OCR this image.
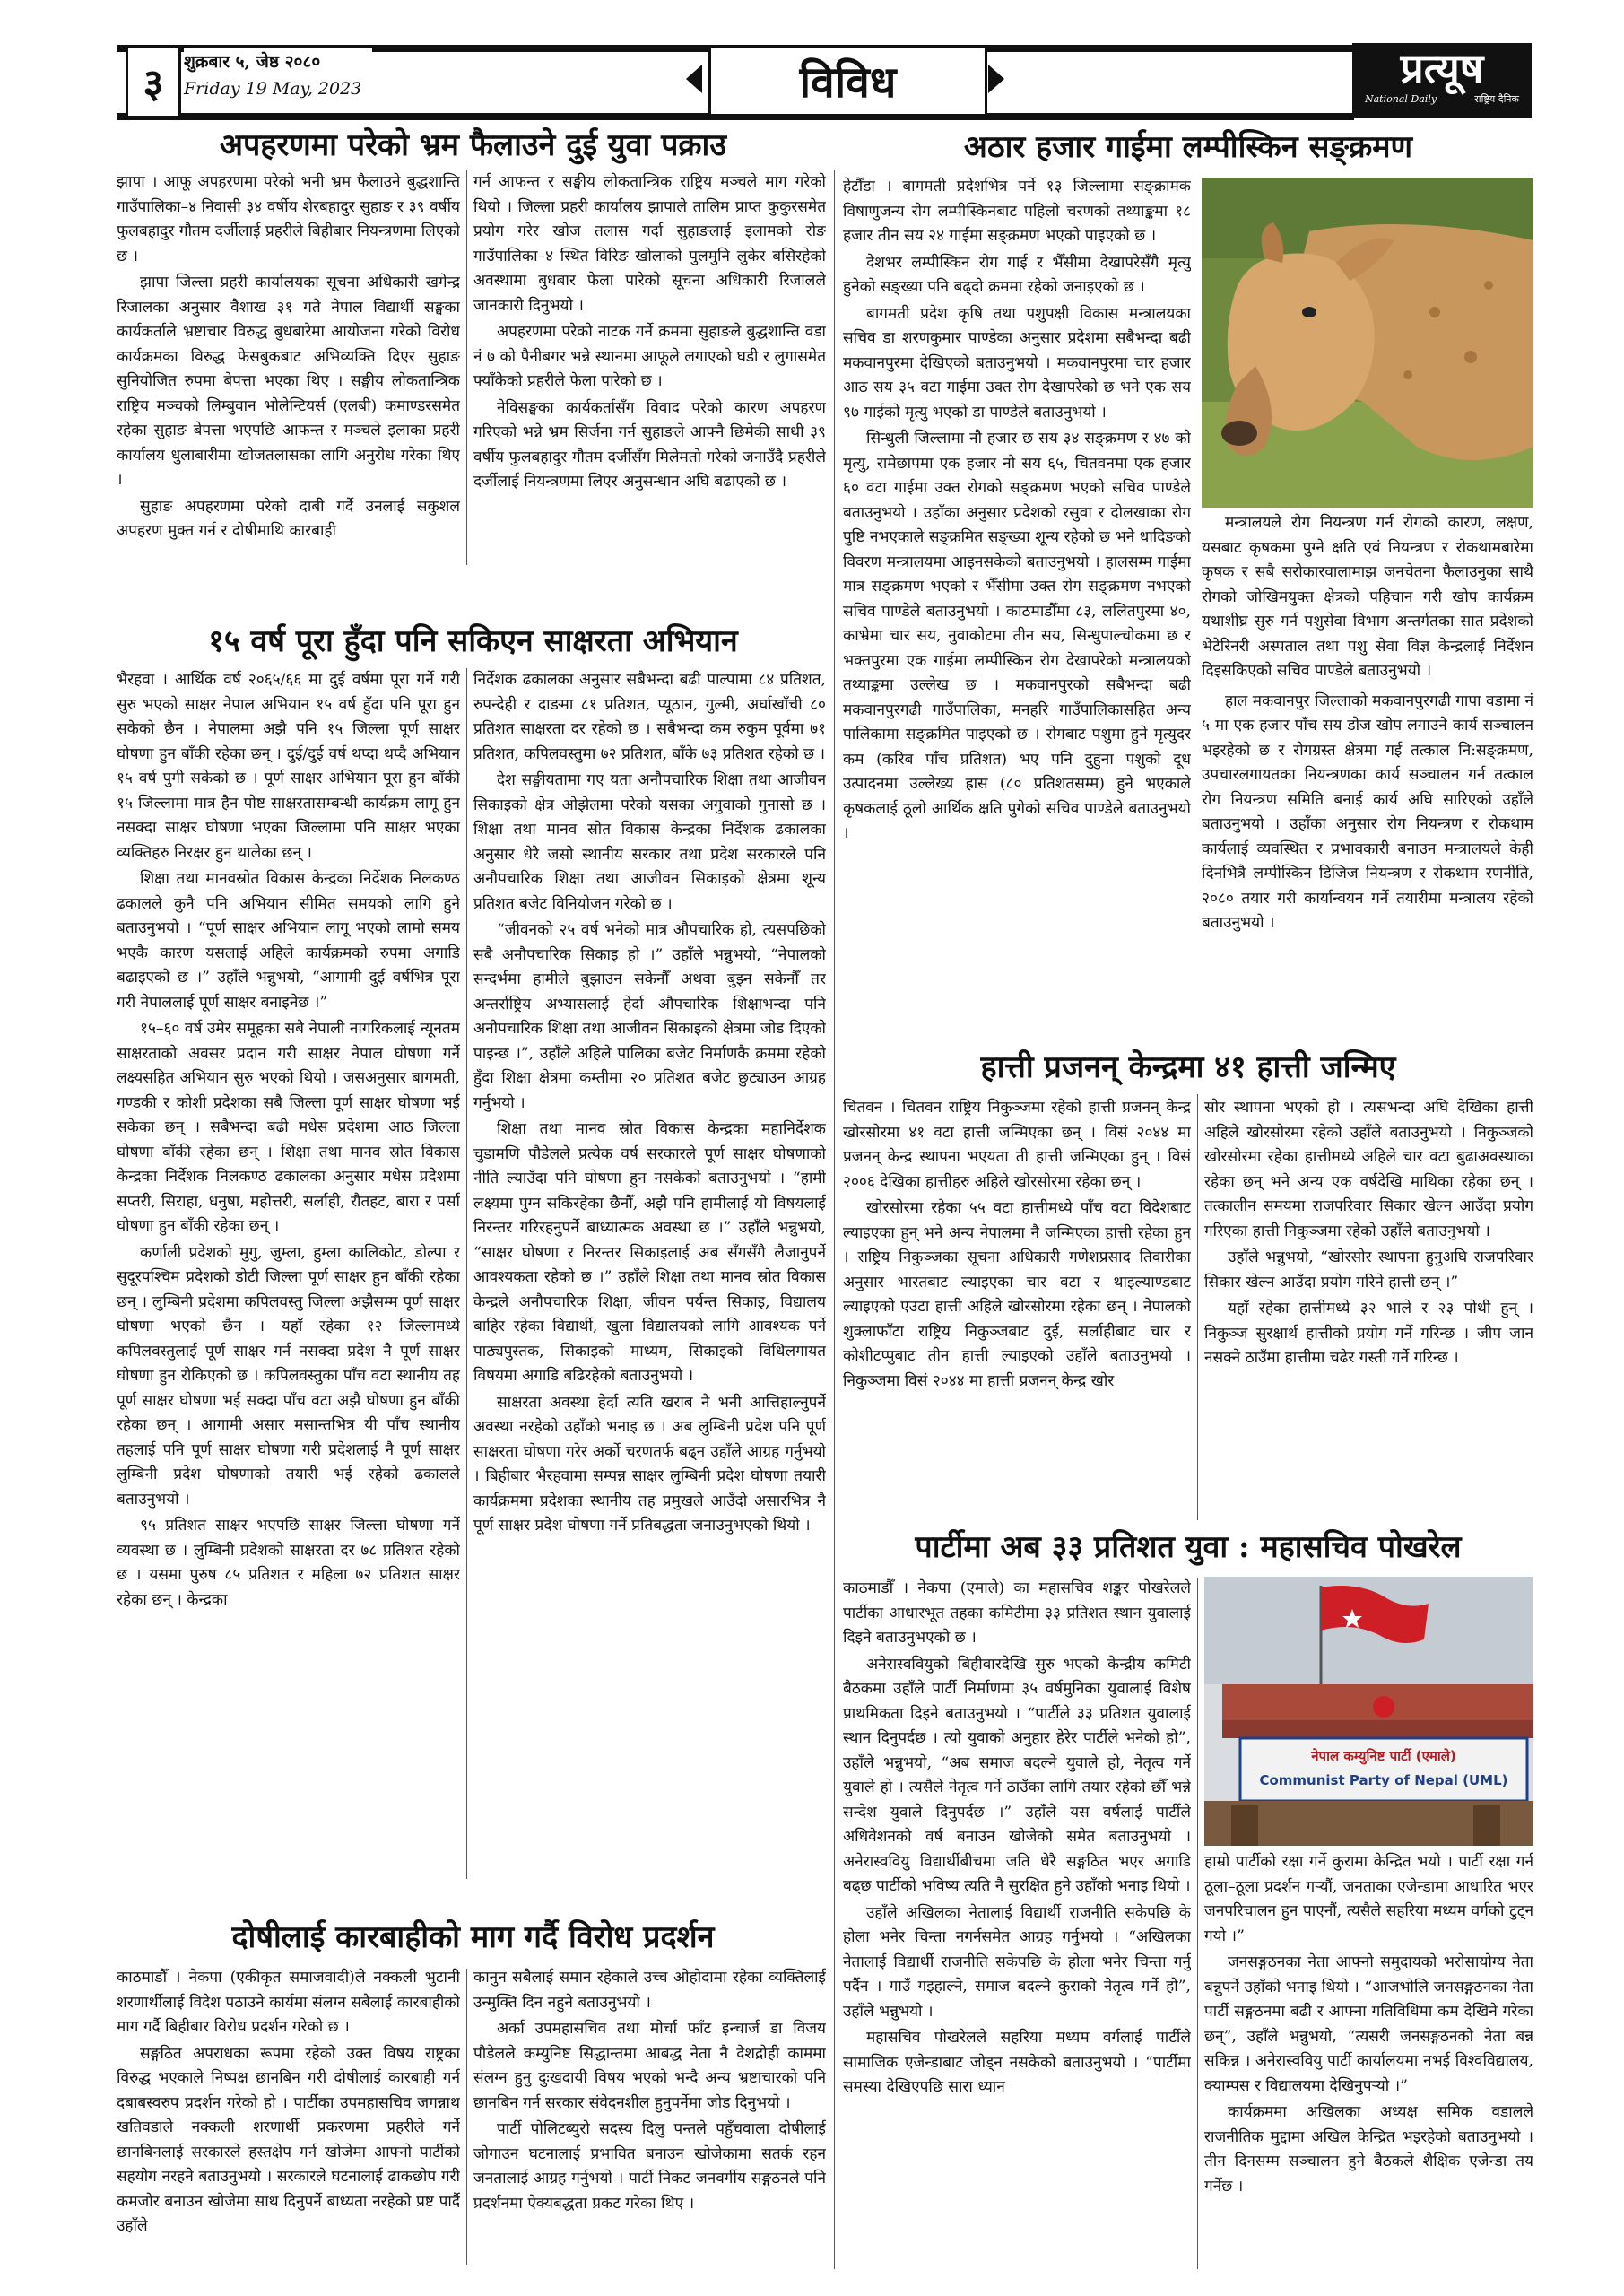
३	शुक्रबार ५, जेष्ठ २०८०
Friday 19 May, 2023	विविध	प्रत्यूष
National Daily	राष्ट्रिय दैनिक
अपहरणमा परेको भ्रम फैलाउने दुई युवा पक्राउ

झापा । आफू अपहरणमा परेको भनी भ्रम फैलाउने बुद्धशान्ति गाउँपालिका–४ निवासी ३४ वर्षीय शेरबहादुर सुहाङ र ३९ वर्षीय फुलबहादुर गौतम दर्जीलाई प्रहरीले बिहीबार नियन्त्रणमा लिएको छ ।

झापा जिल्ला प्रहरी कार्यालयका सूचना अधिकारी खगेन्द्र रिजालका अनुसार वैशाख ३१ गते नेपाल विद्यार्थी सङ्घका कार्यकर्ताले भ्रष्टाचार विरुद्ध बुधबारेमा आयोजना गरेको विरोध कार्यक्रमका विरुद्ध फेसबुकबाट अभिव्यक्ति दिएर सुहाङ सुनियोजित रुपमा बेपत्ता भएका थिए । सङ्घीय लोकतान्त्रिक राष्ट्रिय मञ्चको लिम्बुवान भोलेन्टियर्स (एलबी) कमाण्डरसमेत रहेका सुहाङ बेपत्ता भएपछि आफन्त र मञ्चले इलाका प्रहरी कार्यालय धुलाबारीमा खोजतलासका लागि अनुरोध गरेका थिए ।

सुहाङ अपहरणमा परेको दाबी गर्दै उनलाई सकुशल अपहरण मुक्त गर्न र दोषीमाथि कारबाही

गर्न आफन्त र सङ्घीय लोकतान्त्रिक राष्ट्रिय मञ्चले माग गरेको थियो । जिल्ला प्रहरी कार्यालय झापाले तालिम प्राप्त कुकुरसमेत प्रयोग गरेर खोज तलास गर्दा सुहाङलाई इलामको रोङ गाउँपालिका–४ स्थित विरिङ खोलाको पुलमुनि लुकेर बसिरहेको अवस्थामा बुधबार फेला पारेको सूचना अधिकारी रिजालले जानकारी दिनुभयो ।

अपहरणमा परेको नाटक गर्ने क्रममा सुहाङले बुद्धशान्ति वडा नं ७ को पैनीबगर भन्ने स्थानमा आफूले लगाएको घडी र लुगासमेत फ्याँकेको प्रहरीले फेला पारेको छ ।

नेविसङ्घका कार्यकर्तासँग विवाद परेको कारण अपहरण गरिएको भन्ने भ्रम सिर्जना गर्न सुहाङले आफ्नै छिमेकी साथी ३९ वर्षीय फुलबहादुर गौतम दर्जीसँग मिलेमतो गरेको जनाउँदै प्रहरीले दर्जीलाई नियन्त्रणमा लिएर अनुसन्धान अघि बढाएको छ ।

१५ वर्ष पूरा हुँदा पनि सकिएन साक्षरता अभियान

भैरहवा । आर्थिक वर्ष २०६५/६६ मा दुई वर्षमा पूरा गर्ने गरी सुरु भएको साक्षर नेपाल अभियान १५ वर्ष हुँदा पनि पूरा हुन सकेको छैन । नेपालमा अझै पनि १५ जिल्ला पूर्ण साक्षर घोषणा हुन बाँकी रहेका छन् । दुई/दुई वर्ष थप्दा थप्दै अभियान १५ वर्ष पुगी सकेको छ । पूर्ण साक्षर अभियान पूरा हुन बाँकी १५ जिल्लामा मात्र हैन पोष्ट साक्षरतासम्बन्धी कार्यक्रम लागू हुन नसक्दा साक्षर घोषणा भएका जिल्लामा पनि साक्षर भएका व्यक्तिहरु निरक्षर हुन थालेका छन् ।

शिक्षा तथा मानवस्रोत विकास केन्द्रका निर्देशक निलकण्ठ ढकालले कुनै पनि अभियान सीमित समयको लागि हुने बताउनुभयो । “पूर्ण साक्षर अभियान लागू भएको लामो समय भएकै कारण यसलाई अहिले कार्यक्रमको रुपमा अगाडि बढाइएको छ ।” उहाँले भन्नुभयो, “आगामी दुई वर्षभित्र पूरा गरी नेपाललाई पूर्ण साक्षर बनाइनेछ ।”

१५–६० वर्ष उमेर समूहका सबै नेपाली नागरिकलाई न्यूनतम साक्षरताको अवसर प्रदान गरी साक्षर नेपाल घोषणा गर्ने लक्ष्यसहित अभियान सुरु भएको थियो । जसअनुसार बागमती, गण्डकी र कोशी प्रदेशका सबै जिल्ला पूर्ण साक्षर घोषणा भई सकेका छन् । सबैभन्दा बढी मधेस प्रदेशमा आठ जिल्ला घोषणा बाँकी रहेका छन् । शिक्षा तथा मानव स्रोत विकास केन्द्रका निर्देशक निलकण्ठ ढकालका अनुसार मधेस प्रदेशमा सप्तरी, सिराहा, धनुषा, महोत्तरी, सर्लाही, रौतहट, बारा र पर्सा घोषणा हुन बाँकी रहेका छन् ।

कर्णाली प्रदेशको मुगु, जुम्ला, हुम्ला कालिकोट, डोल्पा र सुदूरपश्चिम प्रदेशको डोटी जिल्ला पूर्ण साक्षर हुन बाँकी रहेका छन् । लुम्बिनी प्रदेशमा कपिलवस्तु जिल्ला अझैसम्म पूर्ण साक्षर घोषणा भएको छैन । यहाँ रहेका १२ जिल्लामध्ये कपिलवस्तुलाई पूर्ण साक्षर गर्न नसक्दा प्रदेश नै पूर्ण साक्षर घोषणा हुन रोकिएको छ । कपिलवस्तुका पाँच वटा स्थानीय तह पूर्ण साक्षर घोषणा भई सक्दा पाँच वटा अझै घोषणा हुन बाँकी रहेका छन् । आगामी असार मसान्तभित्र यी पाँच स्थानीय तहलाई पनि पूर्ण साक्षर घोषणा गरी प्रदेशलाई नै पूर्ण साक्षर लुम्बिनी प्रदेश घोषणाको तयारी भई रहेको ढकालले बताउनुभयो ।

९५ प्रतिशत साक्षर भएपछि साक्षर जिल्ला घोषणा गर्ने व्यवस्था छ । लुम्बिनी प्रदेशको साक्षरता दर ७८ प्रतिशत रहेको छ । यसमा पुरुष ८५ प्रतिशत र महिला ७२ प्रतिशत साक्षर रहेका छन् । केन्द्रका

निर्देशक ढकालका अनुसार सबैभन्दा बढी पाल्पामा ८४ प्रतिशत, रुपन्देही र दाङमा ८१ प्रतिशत, प्यूठान, गुल्मी, अर्घाखाँची ८० प्रतिशत साक्षरता दर रहेको छ । सबैभन्दा कम रुकुम पूर्वमा ७१ प्रतिशत, कपिलवस्तुमा ७२ प्रतिशत, बाँके ७३ प्रतिशत रहेको छ ।

देश सङ्घीयतामा गए यता अनौपचारिक शिक्षा तथा आजीवन सिकाइको क्षेत्र ओझेलमा परेको यसका अगुवाको गुनासो छ । शिक्षा तथा मानव स्रोत विकास केन्द्रका निर्देशक ढकालका अनुसार धेरै जसो स्थानीय सरकार तथा प्रदेश सरकारले पनि अनौपचारिक शिक्षा तथा आजीवन सिकाइको क्षेत्रमा शून्य प्रतिशत बजेट विनियोजन गरेको छ ।

“जीवनको २५ वर्ष भनेको मात्र औपचारिक हो, त्यसपछिको सबै अनौपचारिक सिकाइ हो ।” उहाँले भन्नुभयो, “नेपालको सन्दर्भमा हामीले बुझाउन सकेनौँ अथवा बुझ्न सकेनौँ तर अन्तर्राष्ट्रिय अभ्यासलाई हेर्दा औपचारिक शिक्षाभन्दा पनि अनौपचारिक शिक्षा तथा आजीवन सिकाइको क्षेत्रमा जोड दिएको पाइन्छ ।”, उहाँले अहिले पालिका बजेट निर्माणकै क्रममा रहेको हुँदा शिक्षा क्षेत्रमा कम्तीमा २० प्रतिशत बजेट छुट्याउन आग्रह गर्नुभयो ।

शिक्षा तथा मानव स्रोत विकास केन्द्रका महानिर्देशक चुडामणि पौडेलले प्रत्येक वर्ष सरकारले पूर्ण साक्षर घोषणाको नीति ल्याउँदा पनि घोषणा हुन नसकेको बताउनुभयो । “हामी लक्ष्यमा पुग्न सकिरहेका छैनौँ, अझै पनि हामीलाई यो विषयलाई निरन्तर गरिरहनुपर्ने बाध्यात्मक अवस्था छ ।” उहाँले भन्नुभयो, “साक्षर घोषणा र निरन्तर सिकाइलाई अब सँगसँगै लैजानुपर्ने आवश्यकता रहेको छ ।” उहाँले शिक्षा तथा मानव स्रोत विकास केन्द्रले अनौपचारिक शिक्षा, जीवन पर्यन्त सिकाइ, विद्यालय बाहिर रहेका विद्यार्थी, खुला विद्यालयको लागि आवश्यक पर्ने पाठ्यपुस्तक, सिकाइको माध्यम, सिकाइको विधिलगायत विषयमा अगाडि बढिरहेको बताउनुभयो ।

साक्षरता अवस्था हेर्दा त्यति खराब नै भनी आत्तिहाल्नुपर्ने अवस्था नरहेको उहाँको भनाइ छ । अब लुम्बिनी प्रदेश पनि पूर्ण साक्षरता घोषणा गरेर अर्को चरणतर्फ बढ्न उहाँले आग्रह गर्नुभयो । बिहीबार भैरहवामा सम्पन्न साक्षर लुम्बिनी प्रदेश घोषणा तयारी कार्यक्रममा प्रदेशका स्थानीय तह प्रमुखले आउँदो असारभित्र नै पूर्ण साक्षर प्रदेश घोषणा गर्ने प्रतिबद्धता जनाउनुभएको थियो ।

दोषीलाई कारबाहीको माग गर्दै विरोध प्रदर्शन

काठमाडौँ । नेकपा (एकीकृत समाजवादी)ले नक्कली भुटानी शरणार्थीलाई विदेश पठाउने कार्यमा संलग्न सबैलाई कारबाहीको माग गर्दै बिहीबार विरोध प्रदर्शन गरेको छ ।

सङ्गठित अपराधका रूपमा रहेको उक्त विषय राष्ट्रका विरुद्ध भएकाले निष्पक्ष छानबिन गरी दोषीलाई कारबाही गर्न दबाबस्वरुप प्रदर्शन गरेको हो । पार्टीका उपमहासचिव जगन्नाथ खतिवडाले नक्कली शरणार्थी प्रकरणमा प्रहरीले गर्ने छानबिनलाई सरकारले हस्तक्षेप गर्न खोजेमा आफ्नो पार्टीको सहयोग नरहने बताउनुभयो । सरकारले घटनालाई ढाकछोप गरी कमजोर बनाउन खोजेमा साथ दिनुपर्ने बाध्यता नरहेको प्रष्ट पार्दै उहाँले

कानुन सबैलाई समान रहेकाले उच्च ओहोदामा रहेका व्यक्तिलाई उन्मुक्ति दिन नहुने बताउनुभयो ।

अर्का उपमहासचिव तथा मोर्चा फाँट इन्चार्ज डा विजय पौडेलले कम्युनिष्ट सिद्धान्तमा आबद्ध नेता नै देशद्रोही काममा संलग्न हुनु दुःखदायी विषय भएको भन्दै अन्य भ्रष्टाचारको पनि छानबिन गर्न सरकार संवेदनशील हुनुपर्नेमा जोड दिनुभयो ।

पार्टी पोलिटब्युरो सदस्य दिलु पन्तले पहुँचवाला दोषीलाई जोगाउन घटनालाई प्रभावित बनाउन खोजेकामा सतर्क रहन जनतालाई आग्रह गर्नुभयो । पार्टी निकट जनवर्गीय सङ्गठनले पनि प्रदर्शनमा ऐक्यबद्धता प्रकट गरेका थिए ।

अठार हजार गाईमा लम्पीस्किन सङ्क्रमण

हेटौँडा । बागमती प्रदेशभित्र पर्ने १३ जिल्लामा सङ्क्रामक विषाणुजन्य रोग लम्पीस्किनबाट पहिलो चरणको तथ्याङ्कमा १८ हजार तीन सय २४ गाईमा सङ्क्रमण भएको पाइएको छ ।

देशभर लम्पीस्किन रोग गाई र भैँसीमा देखापरेसँगै मृत्यु हुनेको सङ्ख्या पनि बढ्दो क्रममा रहेको जनाइएको छ ।

बागमती प्रदेश कृषि तथा पशुपक्षी विकास मन्त्रालयका सचिव डा शरणकुमार पाण्डेका अनुसार प्रदेशमा सबैभन्दा बढी मकवानपुरमा देखिएको बताउनुभयो । मकवानपुरमा चार हजार आठ सय ३५ वटा गाईमा उक्त रोग देखापरेको छ भने एक सय ९७ गाईको मृत्यु भएको डा पाण्डेले बताउनुभयो ।

सिन्धुली जिल्लामा नौ हजार छ सय ३४ सङ्क्रमण र ४७ को मृत्यु, रामेछापमा एक हजार नौ सय ६५, चितवनमा एक हजार ६० वटा गाईमा उक्त रोगको सङ्क्रमण भएको सचिव पाण्डेले बताउनुभयो । उहाँका अनुसार प्रदेशको रसुवा र दोलखाका रोग पुष्टि नभएकाले सङ्क्रमित सङ्ख्या शून्य रहेको छ भने धादिङको विवरण मन्त्रालयमा आइनसकेको बताउनुभयो । हालसम्म गाईमा मात्र सङ्क्रमण भएको र भैँसीमा उक्त रोग सङ्क्रमण नभएको सचिव पाण्डेले बताउनुभयो । काठमाडौँमा ८३, ललितपुरमा ४०, काभ्रेमा चार सय, नुवाकोटमा तीन सय, सिन्धुपाल्चोकमा छ र भक्तपुरमा एक गाईमा लम्पीस्किन रोग देखापरेको मन्त्रालयको तथ्याङ्कमा उल्लेख छ । मकवानपुरको सबैभन्दा बढी मकवानपुरगढी गाउँपालिका, मनहरि गाउँपालिकासहित अन्य पालिकामा सङ्क्रमित पाइएको छ । रोगबाट पशुमा हुने मृत्युदर कम (करिब पाँच प्रतिशत) भए पनि दुहुना पशुको दूध उत्पादनमा उल्लेख्य ह्रास (८० प्रतिशतसम्म) हुने भएकाले कृषकलाई ठूलो आर्थिक क्षति पुगेको सचिव पाण्डेले बताउनुभयो ।

मन्त्रालयले रोग नियन्त्रण गर्न रोगको कारण, लक्षण, यसबाट कृषकमा पुग्ने क्षति एवं नियन्त्रण र रोकथामबारेमा कृषक र सबै सरोकारवालामाझ जनचेतना फैलाउनुका साथै रोगको जोखिमयुक्त क्षेत्रको पहिचान गरी खोप कार्यक्रम यथाशीघ्र सुरु गर्न पशुसेवा विभाग अन्तर्गतका सात प्रदेशको भेटेरिनरी अस्पताल तथा पशु सेवा विज्ञ केन्द्रलाई निर्देशन दिइसकिएको सचिव पाण्डेले बताउनुभयो ।

हाल मकवानपुर जिल्लाको मकवानपुरगढी गापा वडामा नं ५ मा एक हजार पाँच सय डोज खोप लगाउने कार्य सञ्चालन भइरहेको छ र रोगग्रस्त क्षेत्रमा गई तत्काल नि:सङ्क्रमण, उपचारलगायतका नियन्त्रणका कार्य सञ्चालन गर्न तत्काल रोग नियन्त्रण समिति बनाई कार्य अघि सारिएको उहाँले बताउनुभयो । उहाँका अनुसार रोग नियन्त्रण र रोकथाम कार्यलाई व्यवस्थित र प्रभावकारी बनाउन मन्त्रालयले केही दिनभित्रै लम्पीस्किन डिजिज नियन्त्रण र रोकथाम रणनीति, २०८० तयार गरी कार्यान्वयन गर्ने तयारीमा मन्त्रालय रहेको बताउनुभयो ।

हात्ती प्रजनन् केन्द्रमा ४१ हात्ती जन्मिए

चितवन । चितवन राष्ट्रिय निकुञ्जमा रहेको हात्ती प्रजनन् केन्द्र खोरसोरमा ४१ वटा हात्ती जन्मिएका छन् । विसं २०४४ मा प्रजनन् केन्द्र स्थापना भएयता ती हात्ती जन्मिएका हुन् । विसं २००६ देखिका हात्तीहरु अहिले खोरसोरमा रहेका छन् ।

खोरसोरमा रहेका ५५ वटा हात्तीमध्ये पाँच वटा विदेशबाट ल्याइएका हुन् भने अन्य नेपालमा नै जन्मिएका हात्ती रहेका हुन् । राष्ट्रिय निकुञ्जका सूचना अधिकारी गणेशप्रसाद तिवारीका अनुसार भारतबाट ल्याइएका चार वटा र थाइल्याण्डबाट ल्याइएको एउटा हात्ती अहिले खोरसोरमा रहेका छन् । नेपालको शुक्लाफाँटा राष्ट्रिय निकुञ्जबाट दुई, सर्लाहीबाट चार र कोशीटप्पुबाट तीन हात्ती ल्याइएको उहाँले बताउनुभयो । निकुञ्जमा विसं २०४४ मा हात्ती प्रजनन् केन्द्र खोर

सोर स्थापना भएको हो । त्यसभन्दा अघि देखिका हात्ती अहिले खोरसोरमा रहेको उहाँले बताउनुभयो । निकुञ्जको खोरसोरमा रहेका हात्तीमध्ये अहिले चार वटा बुढाअवस्थाका रहेका छन् भने अन्य एक वर्षदेखि माथिका रहेका छन् । तत्कालीन समयमा राजपरिवार सिकार खेल्न आउँदा प्रयोग गरिएका हात्ती निकुञ्जमा रहेको उहाँले बताउनुभयो ।

उहाँले भन्नुभयो, “खोरसोर स्थापना हुनुअघि राजपरिवार सिकार खेल्न आउँदा प्रयोग गरिने हात्ती छन् ।”

यहाँ रहेका हात्तीमध्ये ३२ भाले र २३ पोथी हुन् । निकुञ्ज सुरक्षार्थ हात्तीको प्रयोग गर्ने गरिन्छ । जीप जान नसक्ने ठाउँमा हात्तीमा चढेर गस्ती गर्ने गरिन्छ ।

पार्टीमा अब ३३ प्रतिशत युवा : महासचिव पोखरेल

काठमाडौँ । नेकपा (एमाले) का महासचिव शङ्कर पोखरेलले पार्टीका आधारभूत तहका कमिटीमा ३३ प्रतिशत स्थान युवालाई दिइने बताउनुभएको छ ।

अनेरास्ववियुको बिहीवारदेखि सुरु भएको केन्द्रीय कमिटी बैठकमा उहाँले पार्टी निर्माणमा ३५ वर्षमुनिका युवालाई विशेष प्राथमिकता दिइने बताउनुभयो । “पार्टीले ३३ प्रतिशत युवालाई स्थान दिनुपर्दछ । त्यो युवाको अनुहार हेरेर पार्टीले भनेको हो”, उहाँले भन्नुभयो, “अब समाज बदल्ने युवाले हो, नेतृत्व गर्ने युवाले हो । त्यसैले नेतृत्व गर्ने ठाउँका लागि तयार रहेको छौँ भन्ने सन्देश युवाले दिनुपर्दछ ।” उहाँले यस वर्षलाई पार्टीले अधिवेशनको वर्ष बनाउन खोजेको समेत बताउनुभयो । अनेरास्ववियु विद्यार्थीबीचमा जति धेरै सङ्गठित भएर अगाडि बढ्छ पार्टीको भविष्य त्यति नै सुरक्षित हुने उहाँको भनाइ थियो ।

उहाँले अखिलका नेतालाई विद्यार्थी राजनीति सकेपछि के होला भनेर चिन्ता नगर्नसमेत आग्रह गर्नुभयो । “अखिलका नेतालाई विद्यार्थी राजनीति सकेपछि के होला भनेर चिन्ता गर्नु पर्दैन । गाउँ गइहाल्ने, समाज बदल्ने कुराको नेतृत्व गर्ने हो”, उहाँले भन्नुभयो ।

महासचिव पोखरेलले सहरिया मध्यम वर्गलाई पार्टीले सामाजिक एजेन्डाबाट जोड्न नसकेको बताउनुभयो । “पार्टीमा समस्या देखिएपछि सारा ध्यान

नेपाल कम्युनिष्ट पार्टी (एमाले)
Communist Party of Nepal (UML)

हाम्रो पार्टीको रक्षा गर्ने कुरामा केन्द्रित भयो । पार्टी रक्षा गर्न ठूला–ठूला प्रदर्शन गर्‍यौं, जनताका एजेन्डामा आधारित भएर जनपरिचालन हुन पाएनौं, त्यसैले सहरिया मध्यम वर्गको टुट्न गयो ।”

जनसङ्गठनका नेता आफ्नो समुदायको भरोसायोग्य नेता बन्नुपर्ने उहाँको भनाइ थियो । “आजभोलि जनसङ्गठनका नेता पार्टी सङ्गठनमा बढी र आफ्ना गतिविधिमा कम देखिने गरेका छन्”, उहाँले भन्नुभयो, “त्यसरी जनसङ्गठनको नेता बन्न सकिन्न । अनेरास्ववियु पार्टी कार्यालयमा नभई विश्वविद्यालय, क्याम्पस र विद्यालयमा देखिनुपर्‍यो ।”

कार्यक्रममा अखिलका अध्यक्ष समिक वडालले राजनीतिक मुद्दामा अखिल केन्द्रित भइरहेको बताउनुभयो । तीन दिनसम्म सञ्चालन हुने बैठकले शैक्षिक एजेन्डा तय गर्नेछ ।
